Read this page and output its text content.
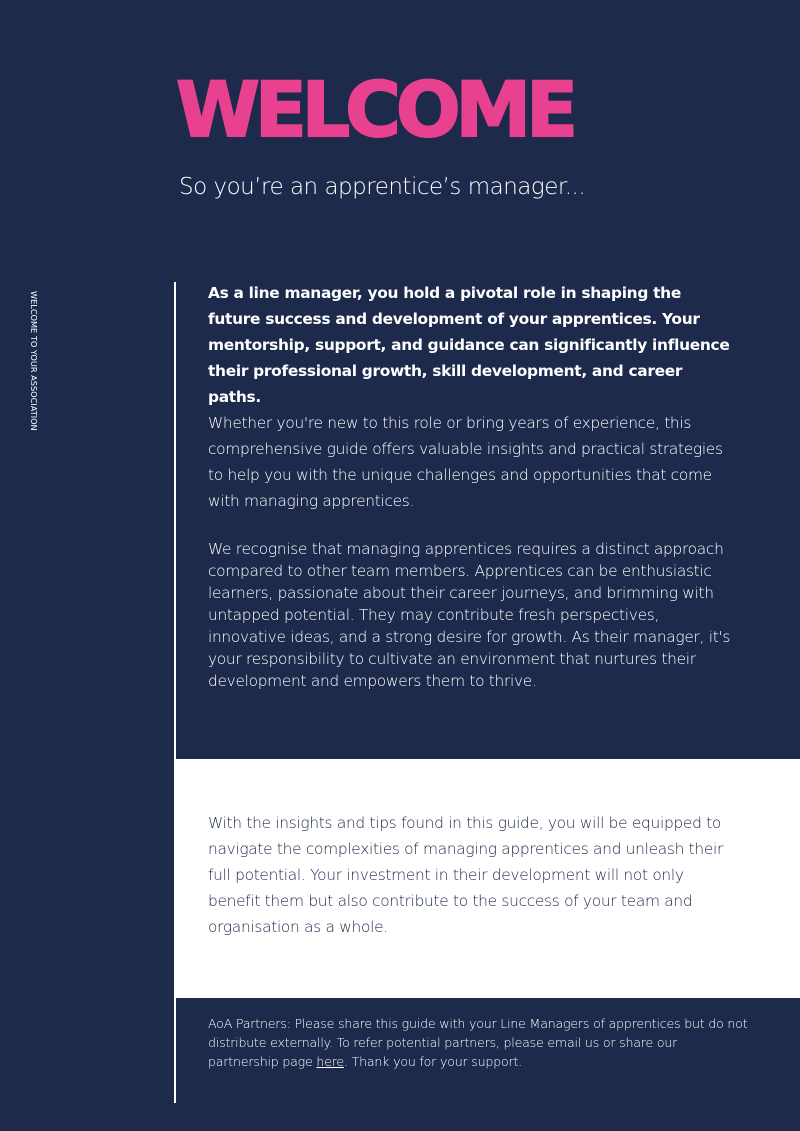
WELCOME

So you’re an apprentice’s manager...

WELCOME TO YOUR ASSOCIATION	As a line manager, you hold a pivotal role in shaping the future success and development of your apprentices. Your mentorship, support, and guidance can significantly influence their professional growth, skill development, and career paths.

Whether you're new to this role or bring years of experience, this comprehensive guide offers valuable insights and practical strategies to help you with the unique challenges and opportunities that come with managing apprentices.

We recognise that managing apprentices requires a distinct approach compared to other team members. Apprentices can be enthusiastic learners, passionate about their career journeys, and brimming with untapped potential. They may contribute fresh perspectives, innovative ideas, and a strong desire for growth. As their manager, it's your responsibility to cultivate an environment that nurtures their development and empowers them to thrive.

With the insights and tips found in this guide, you will be equipped to navigate the complexities of managing apprentices and unleash their full potential. Your investment in their development will not only benefit them but also contribute to the success of your team and organisation as a whole.

AoA Partners: Please share this guide with your Line Managers of apprentices but do not distribute externally. To refer potential partners, please email us or share our partnership page here. Thank you for your support.
